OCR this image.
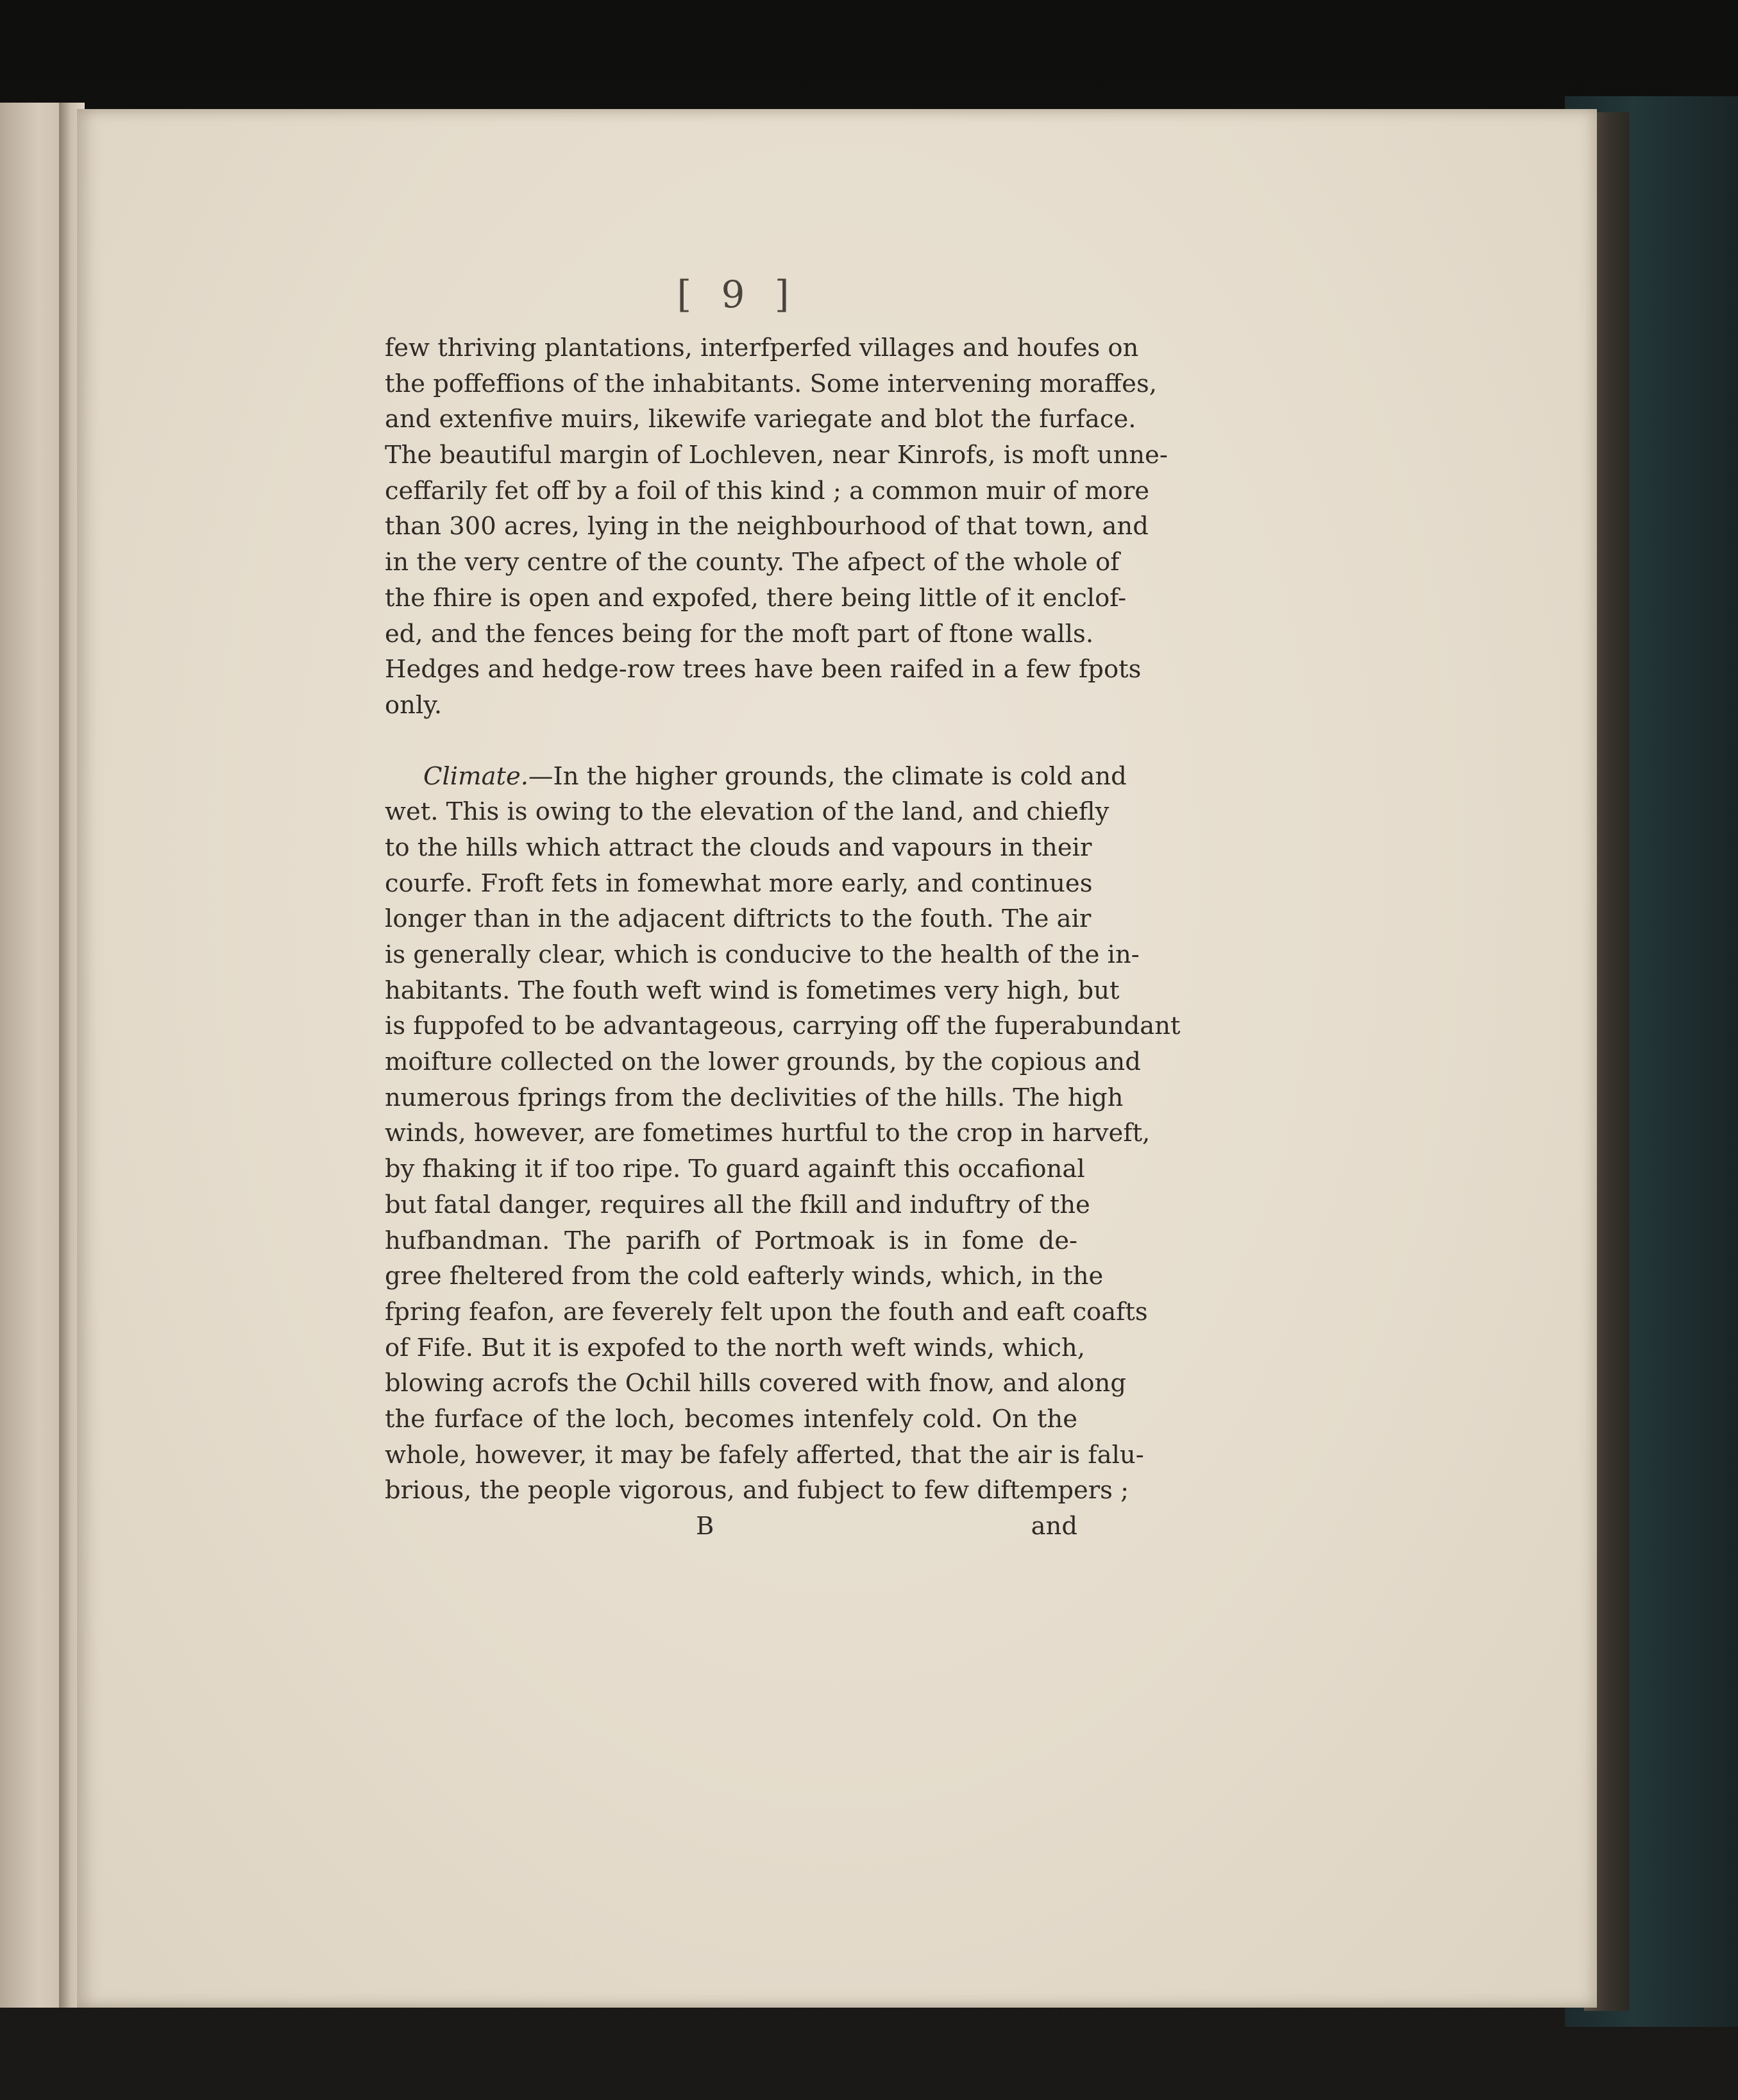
[ 9 ]
few thriving plantations, interfperfed villages and houfes on
the poffeffions of the inhabitants. Some intervening moraffes,
and extenfive muirs, likewife variegate and blot the furface.
The beautiful margin of Lochleven, near Kinrofs, is moft unne-
ceffarily fet off by a foil of this kind ; a common muir of more
than 300 acres, lying in the neighbourhood of that town, and
in the very centre of the county. The afpect of the whole of
the fhire is open and expofed, there being little of it enclof-
ed, and the fences being for the moft part of ftone walls.
Hedges and hedge-row trees have been raifed in a few fpots
only.
Climate.—In the higher grounds, the climate is cold and
wet. This is owing to the elevation of the land, and chiefly
to the hills which attract the clouds and vapours in their
courfe. Froft fets in fomewhat more early, and continues
longer than in the adjacent diftricts to the fouth. The air
is generally clear, which is conducive to the health of the in-
habitants. The fouth weft wind is fometimes very high, but
is fuppofed to be advantageous, carrying off the fuperabundant
moifture collected on the lower grounds, by the copious and
numerous fprings from the declivities of the hills. The high
winds, however, are fometimes hurtful to the crop in harveft,
by fhaking it if too ripe. To guard againft this occafional
but fatal danger, requires all the fkill and induftry of the
hufbandman. The parifh of Portmoak is in fome de-
gree fheltered from the cold eafterly winds, which, in the
fpring feafon, are feverely felt upon the fouth and eaft coafts
of Fife. But it is expofed to the north weft winds, which,
blowing acrofs the Ochil hills covered with fnow, and along
the furface of the loch, becomes intenfely cold. On the
whole, however, it may be fafely afferted, that the air is falu-
brious, the people vigorous, and fubject to few diftempers ;
B	and
